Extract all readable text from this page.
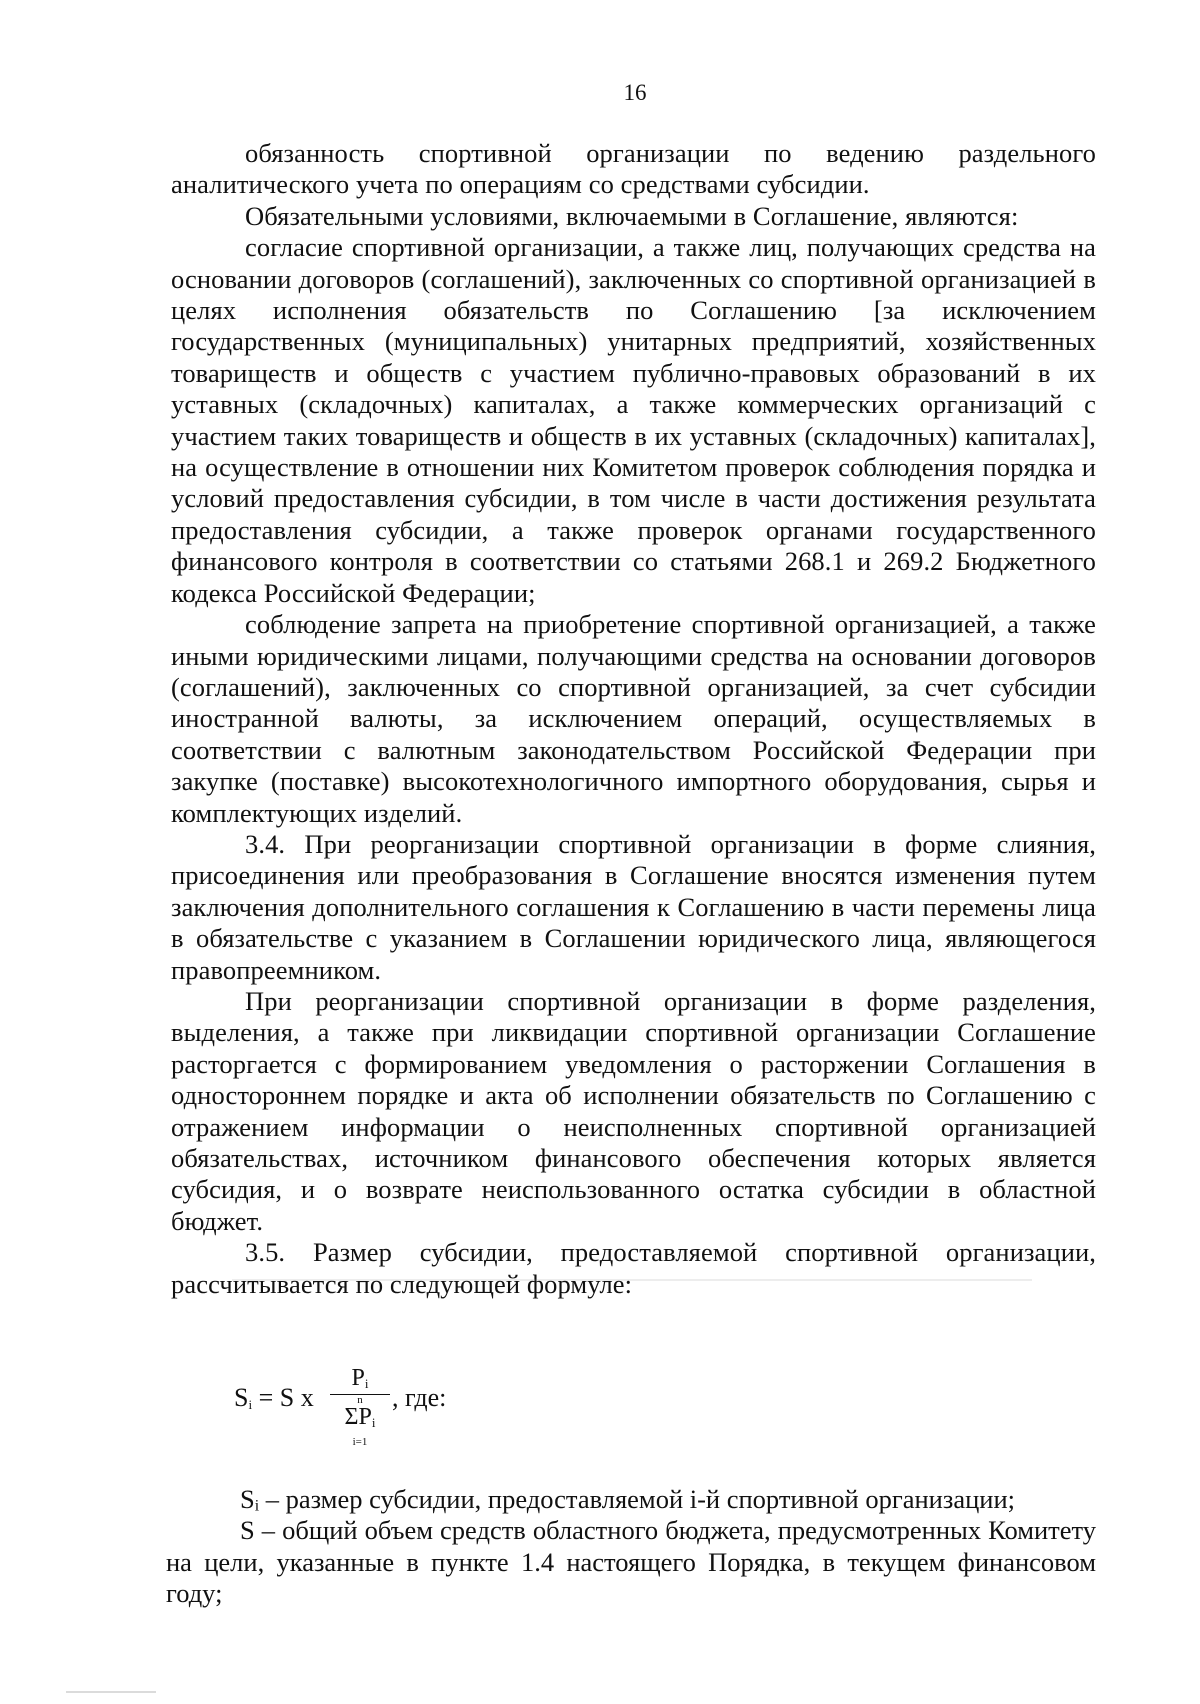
16

обязанность спортивной организации по ведению раздельного аналитического учета по операциям со средствами субсидии.

Обязательными условиями, включаемыми в Соглашение, являются:

согласие спортивной организации, а также лиц, получающих средства на основании договоров (соглашений), заключенных со спортивной организацией в целях исполнения обязательств по Соглашению [за исключением государственных (муниципальных) унитарных предприятий, хозяйственных товариществ и обществ с участием публично-правовых образований в их уставных (складочных) капиталах, а также коммерческих организаций с участием таких товариществ и обществ в их уставных (складочных) капиталах], на осуществление в отношении них Комитетом проверок соблюдения порядка и условий предоставления субсидии, в том числе в части достижения результата предоставления субсидии, а также проверок органами государственного финансового контроля в соответствии со статьями 268.1 и 269.2 Бюджетного кодекса Российской Федерации;

соблюдение запрета на приобретение спортивной организацией, а также иными юридическими лицами, получающими средства на основании договоров (соглашений), заключенных со спортивной организацией, за счет субсидии иностранной валюты, за исключением операций, осуществляемых в соответствии с валютным законодательством Российской Федерации при закупке (поставке) высокотехнологичного импортного оборудования, сырья и комплектующих изделий.

3.4. При реорганизации спортивной организации в форме слияния, присоединения или преобразования в Соглашение вносятся изменения путем заключения дополнительного соглашения к Соглашению в части перемены лица в обязательстве с указанием в Соглашении юридического лица, являющегося правопреемником.

При реорганизации спортивной организации в форме разделения, выделения, а также при ликвидации спортивной организации Соглашение расторгается с формированием уведомления о расторжении Соглашения в одностороннем порядке и акта об исполнении обязательств по Соглашению с отражением информации о неисполненных спортивной организацией обязательствах, источником финансового обеспечения которых является субсидия, и о возврате неиспользованного остатка субсидии в областной бюджет.

3.5. Размер субсидии, предоставляемой спортивной организации, рассчитывается по следующей формуле:

$S_i = S$ x
$P_i$
n
$\Sigma P_i$
i=1
, где:

Sᵢ – размер субсидии, предоставляемой i-й спортивной организации;

S – общий объем средств областного бюджета, предусмотренных Комитету на цели, указанные в пункте 1.4 настоящего Порядка, в текущем финансовом году;
